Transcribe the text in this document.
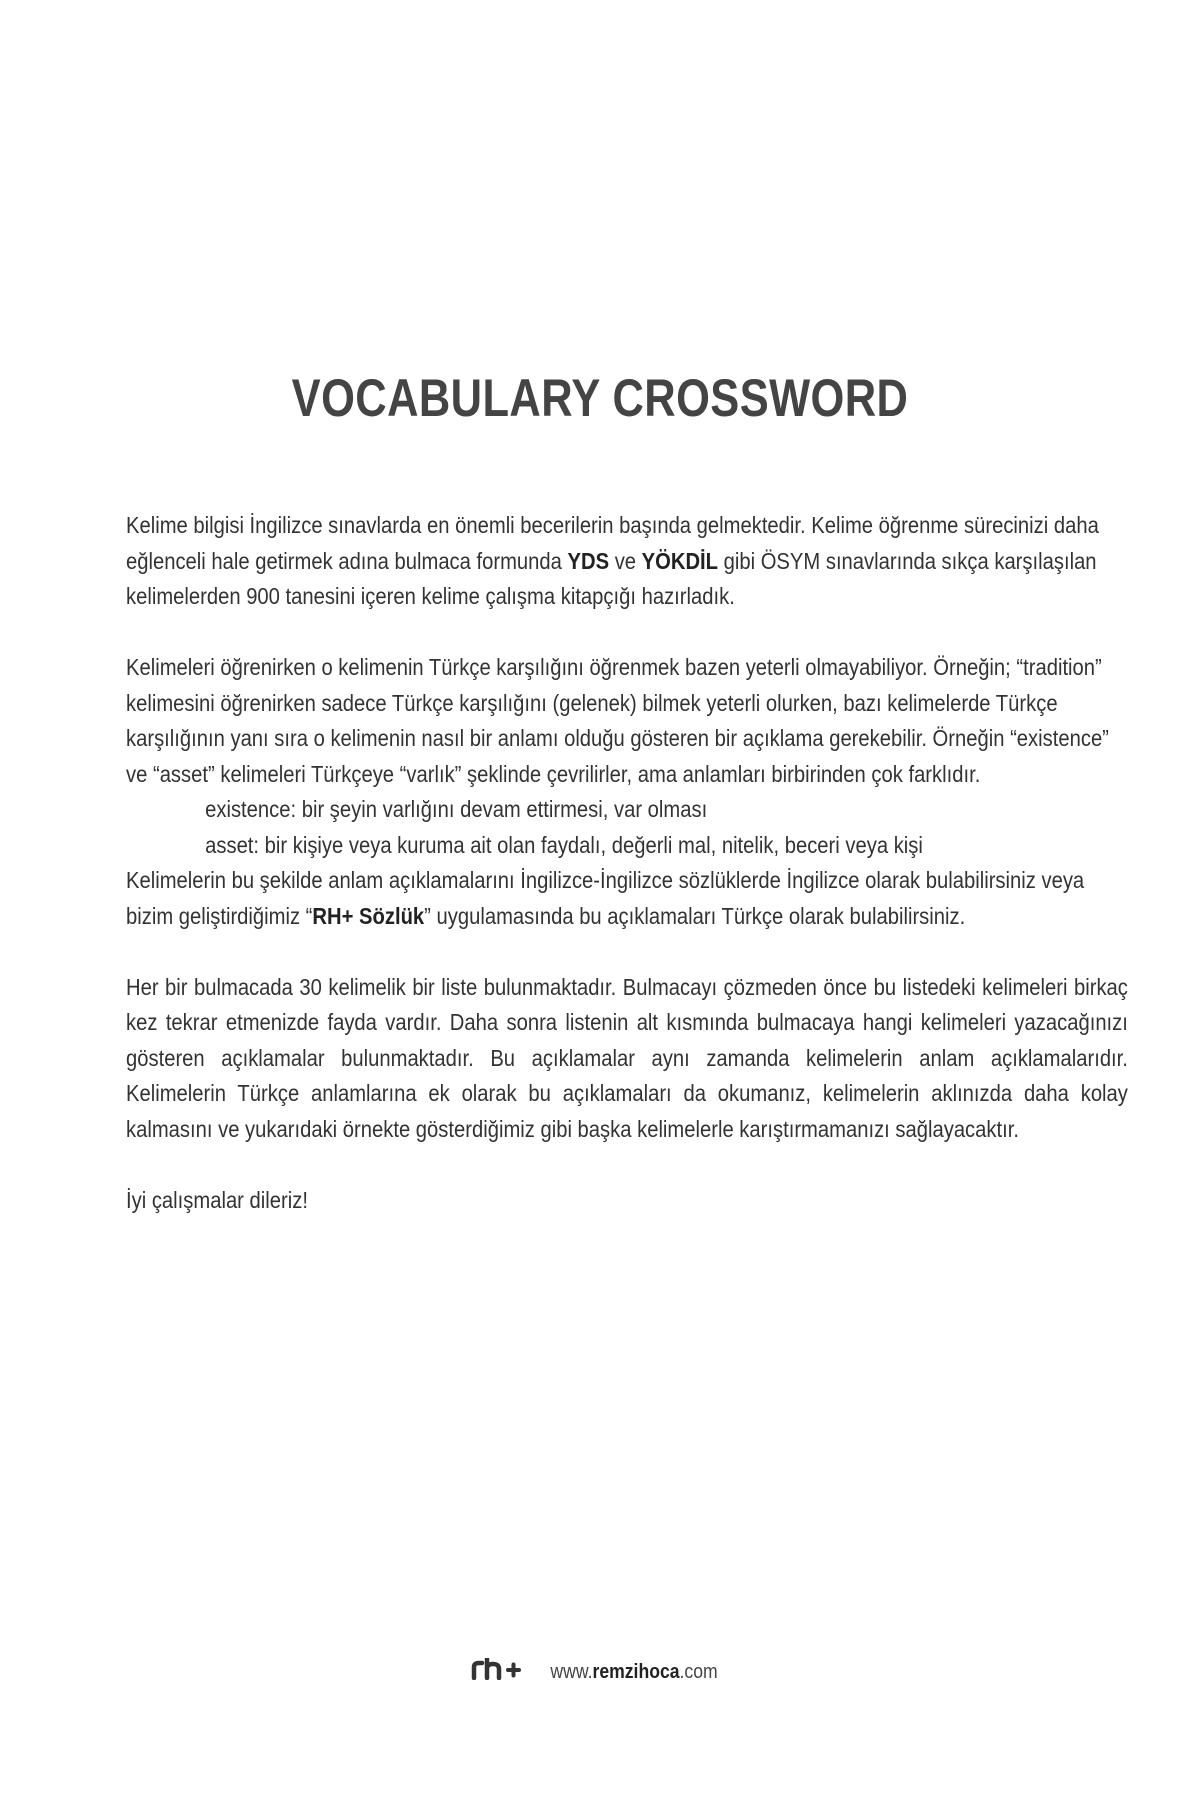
VOCABULARY CROSSWORD

Kelime bilgisi İngilizce sınavlarda en önemli becerilerin başında gelmektedir. Kelime öğrenme sürecinizi daha eğlenceli hale getirmek adına bulmaca formunda YDS ve YÖKDİL gibi ÖSYM sınavlarında sıkça karşılaşılan kelimelerden 900 tanesini içeren kelime çalışma kitapçığı hazırladık.

Kelimeleri öğrenirken o kelimenin Türkçe karşılığını öğrenmek bazen yeterli olmayabiliyor. Örneğin; “tradition” kelimesini öğrenirken sadece Türkçe karşılığını (gelenek) bilmek yeterli olurken, bazı kelimelerde Türkçe karşılığının yanı sıra o kelimenin nasıl bir anlamı olduğu gösteren bir açıklama gerekebilir. Örneğin “existence” ve “asset” kelimeleri Türkçeye “varlık” şeklinde çevrilirler, ama anlamları birbirinden çok farklıdır.

existence: bir şeyin varlığını devam ettirmesi, var olması

asset: bir kişiye veya kuruma ait olan faydalı, değerli mal, nitelik, beceri veya kişi

Kelimelerin bu şekilde anlam açıklamalarını İngilizce-İngilizce sözlüklerde İngilizce olarak bulabilirsiniz veya bizim geliştirdiğimiz “RH+ Sözlük” uygulamasında bu açıklamaları Türkçe olarak bulabilirsiniz.

Her bir bulmacada 30 kelimelik bir liste bulunmaktadır. Bulmacayı çözmeden önce bu listedeki kelimeleri birkaç kez tekrar etmenizde fayda vardır. Daha sonra listenin alt kısmında bulmacaya hangi kelimeleri yazacağınızı gösteren açıklamalar bulunmaktadır. Bu açıklamalar aynı zamanda kelimelerin anlam açıklamalarıdır. Kelimelerin Türkçe anlamlarına ek olarak bu açıklamaları da okumanız, kelimelerin aklınızda daha kolay kalmasını ve yukarıdaki örnekte gösterdiğimiz gibi başka kelimelerle karıştırmamanızı sağlayacaktır.

İyi çalışmalar dileriz!

www.remzihoca.com
